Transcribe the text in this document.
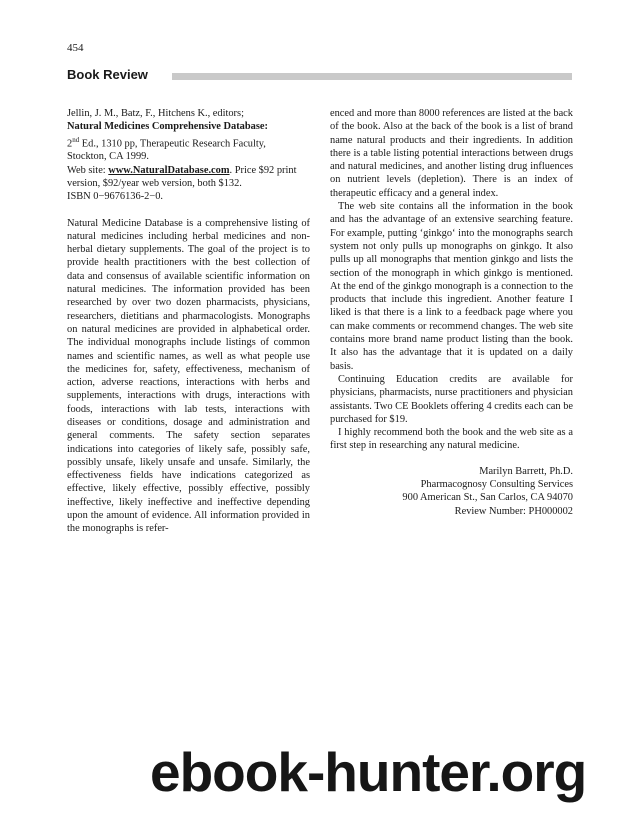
454
Book Review

Jellin, J. M., Batz, F., Hitchens K., editors;
Natural Medicines Comprehensive Database:
2nd Ed., 1310 pp, Therapeutic Research Faculty,
Stockton, CA 1999.
Web site: www.NaturalDatabase.com. Price $92 print
version, $92/year web version, both $132.
ISBN 0−9676136-2−0.

Natural Medicine Database is a comprehensive listing of natural medicines including herbal medicines and non-herbal dietary supplements. The goal of the project is to provide health practitioners with the best collection of data and consensus of available scientific information on natural medicines. The information provided has been researched by over two dozen pharmacists, physicians, researchers, dietitians and pharmacologists. Monographs on natural medicines are provided in alphabetical order. The individual monographs include listings of common names and scientific names, as well as what people use the medicines for, safety, effectiveness, mechanism of action, adverse reactions, interactions with herbs and supplements, interactions with drugs, interactions with foods, interactions with lab tests, interactions with diseases or conditions, dosage and administration and general comments. The safety section separates indications into categories of likely safe, possibly safe, possibly unsafe, likely unsafe and unsafe. Similarly, the effectiveness fields have indications categorized as effective, likely effective, possibly effective, possibly ineffective, likely ineffective and ineffective depending upon the amount of evidence. All information provided in the monographs is refer-

enced and more than 8000 references are listed at the back of the book. Also at the back of the book is a list of brand name natural products and their ingredients. In addition there is a table listing potential interactions between drugs and natural medicines, and another listing drug influences on nutrient levels (depletion). There is an index of therapeutic efficacy and a general index.

The web site contains all the information in the book and has the advantage of an extensive searching feature. For example, putting ‘ginkgo‘ into the monographs search system not only pulls up monographs on ginkgo. It also pulls up all monographs that mention ginkgo and lists the section of the monograph in which ginkgo is mentioned. At the end of the ginkgo monograph is a connection to the products that include this ingredient. Another feature I liked is that there is a link to a feedback page where you can make comments or recommend changes. The web site contains more brand name product listing than the book. It also has the advantage that it is updated on a daily basis.

Continuing Education credits are available for physicians, pharmacists, nurse practitioners and physician assistants. Two CE Booklets offering 4 credits each can be purchased for $19.

I highly recommend both the book and the web site as a first step in researching any natural medicine.

Marilyn Barrett, Ph.D.
Pharmacognosy Consulting Services
900 American St., San Carlos, CA 94070
Review Number: PH000002
ebook-hunter.org
